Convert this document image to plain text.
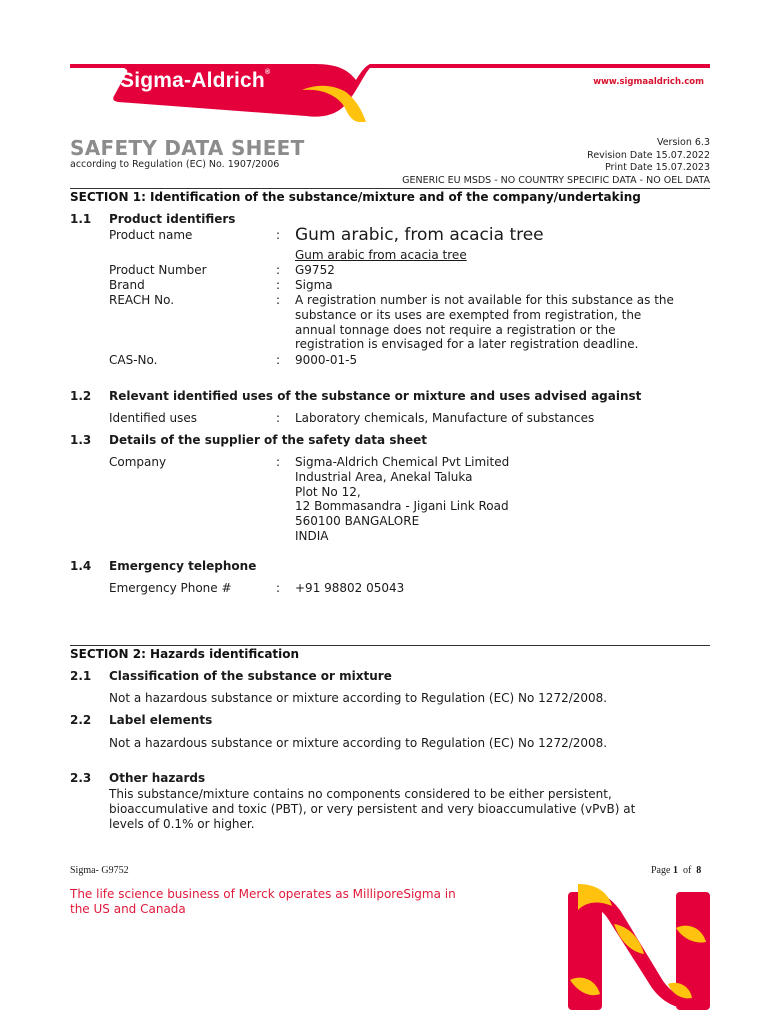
Sigma-Aldrich®
www.sigmaaldrich.com
SAFETY DATA SHEET
according to Regulation (EC) No. 1907/2006
Version 6.3
Revision Date 15.07.2022
Print Date 15.07.2023
GENERIC EU MSDS - NO COUNTRY SPECIFIC DATA - NO OEL DATA
SECTION 1: Identification of the substance/mixture and of the company/undertaking
1.1 Product identifiers
Product name	: Gum arabic, from acacia tree
Gum arabic from acacia tree
Product Number	: G9752
Brand	: Sigma
REACH No.	: A registration number is not available for this substance as the
substance or its uses are exempted from registration, the
annual tonnage does not require a registration or the
registration is envisaged for a later registration deadline.
CAS-No.	: 9000-01-5
1.2 Relevant identified uses of the substance or mixture and uses advised against
Identified uses	: Laboratory chemicals, Manufacture of substances
1.3 Details of the supplier of the safety data sheet
Company	: Sigma-Aldrich Chemical Pvt Limited
Industrial Area, Anekal Taluka
Plot No 12,
12 Bommasandra - Jigani Link Road
560100 BANGALORE
INDIA
1.4 Emergency telephone
Emergency Phone #	: +91 98802 05043
SECTION 2: Hazards identification
2.1 Classification of the substance or mixture
Not a hazardous substance or mixture according to Regulation (EC) No 1272/2008.
2.2 Label elements
Not a hazardous substance or mixture according to Regulation (EC) No 1272/2008.
2.3 Other hazards
This substance/mixture contains no components considered to be either persistent,
bioaccumulative and toxic (PBT), or very persistent and very bioaccumulative (vPvB) at
levels of 0.1% or higher.
Sigma- G9752	Page 1 of 8
The life science business of Merck operates as MilliporeSigma in
the US and Canada
